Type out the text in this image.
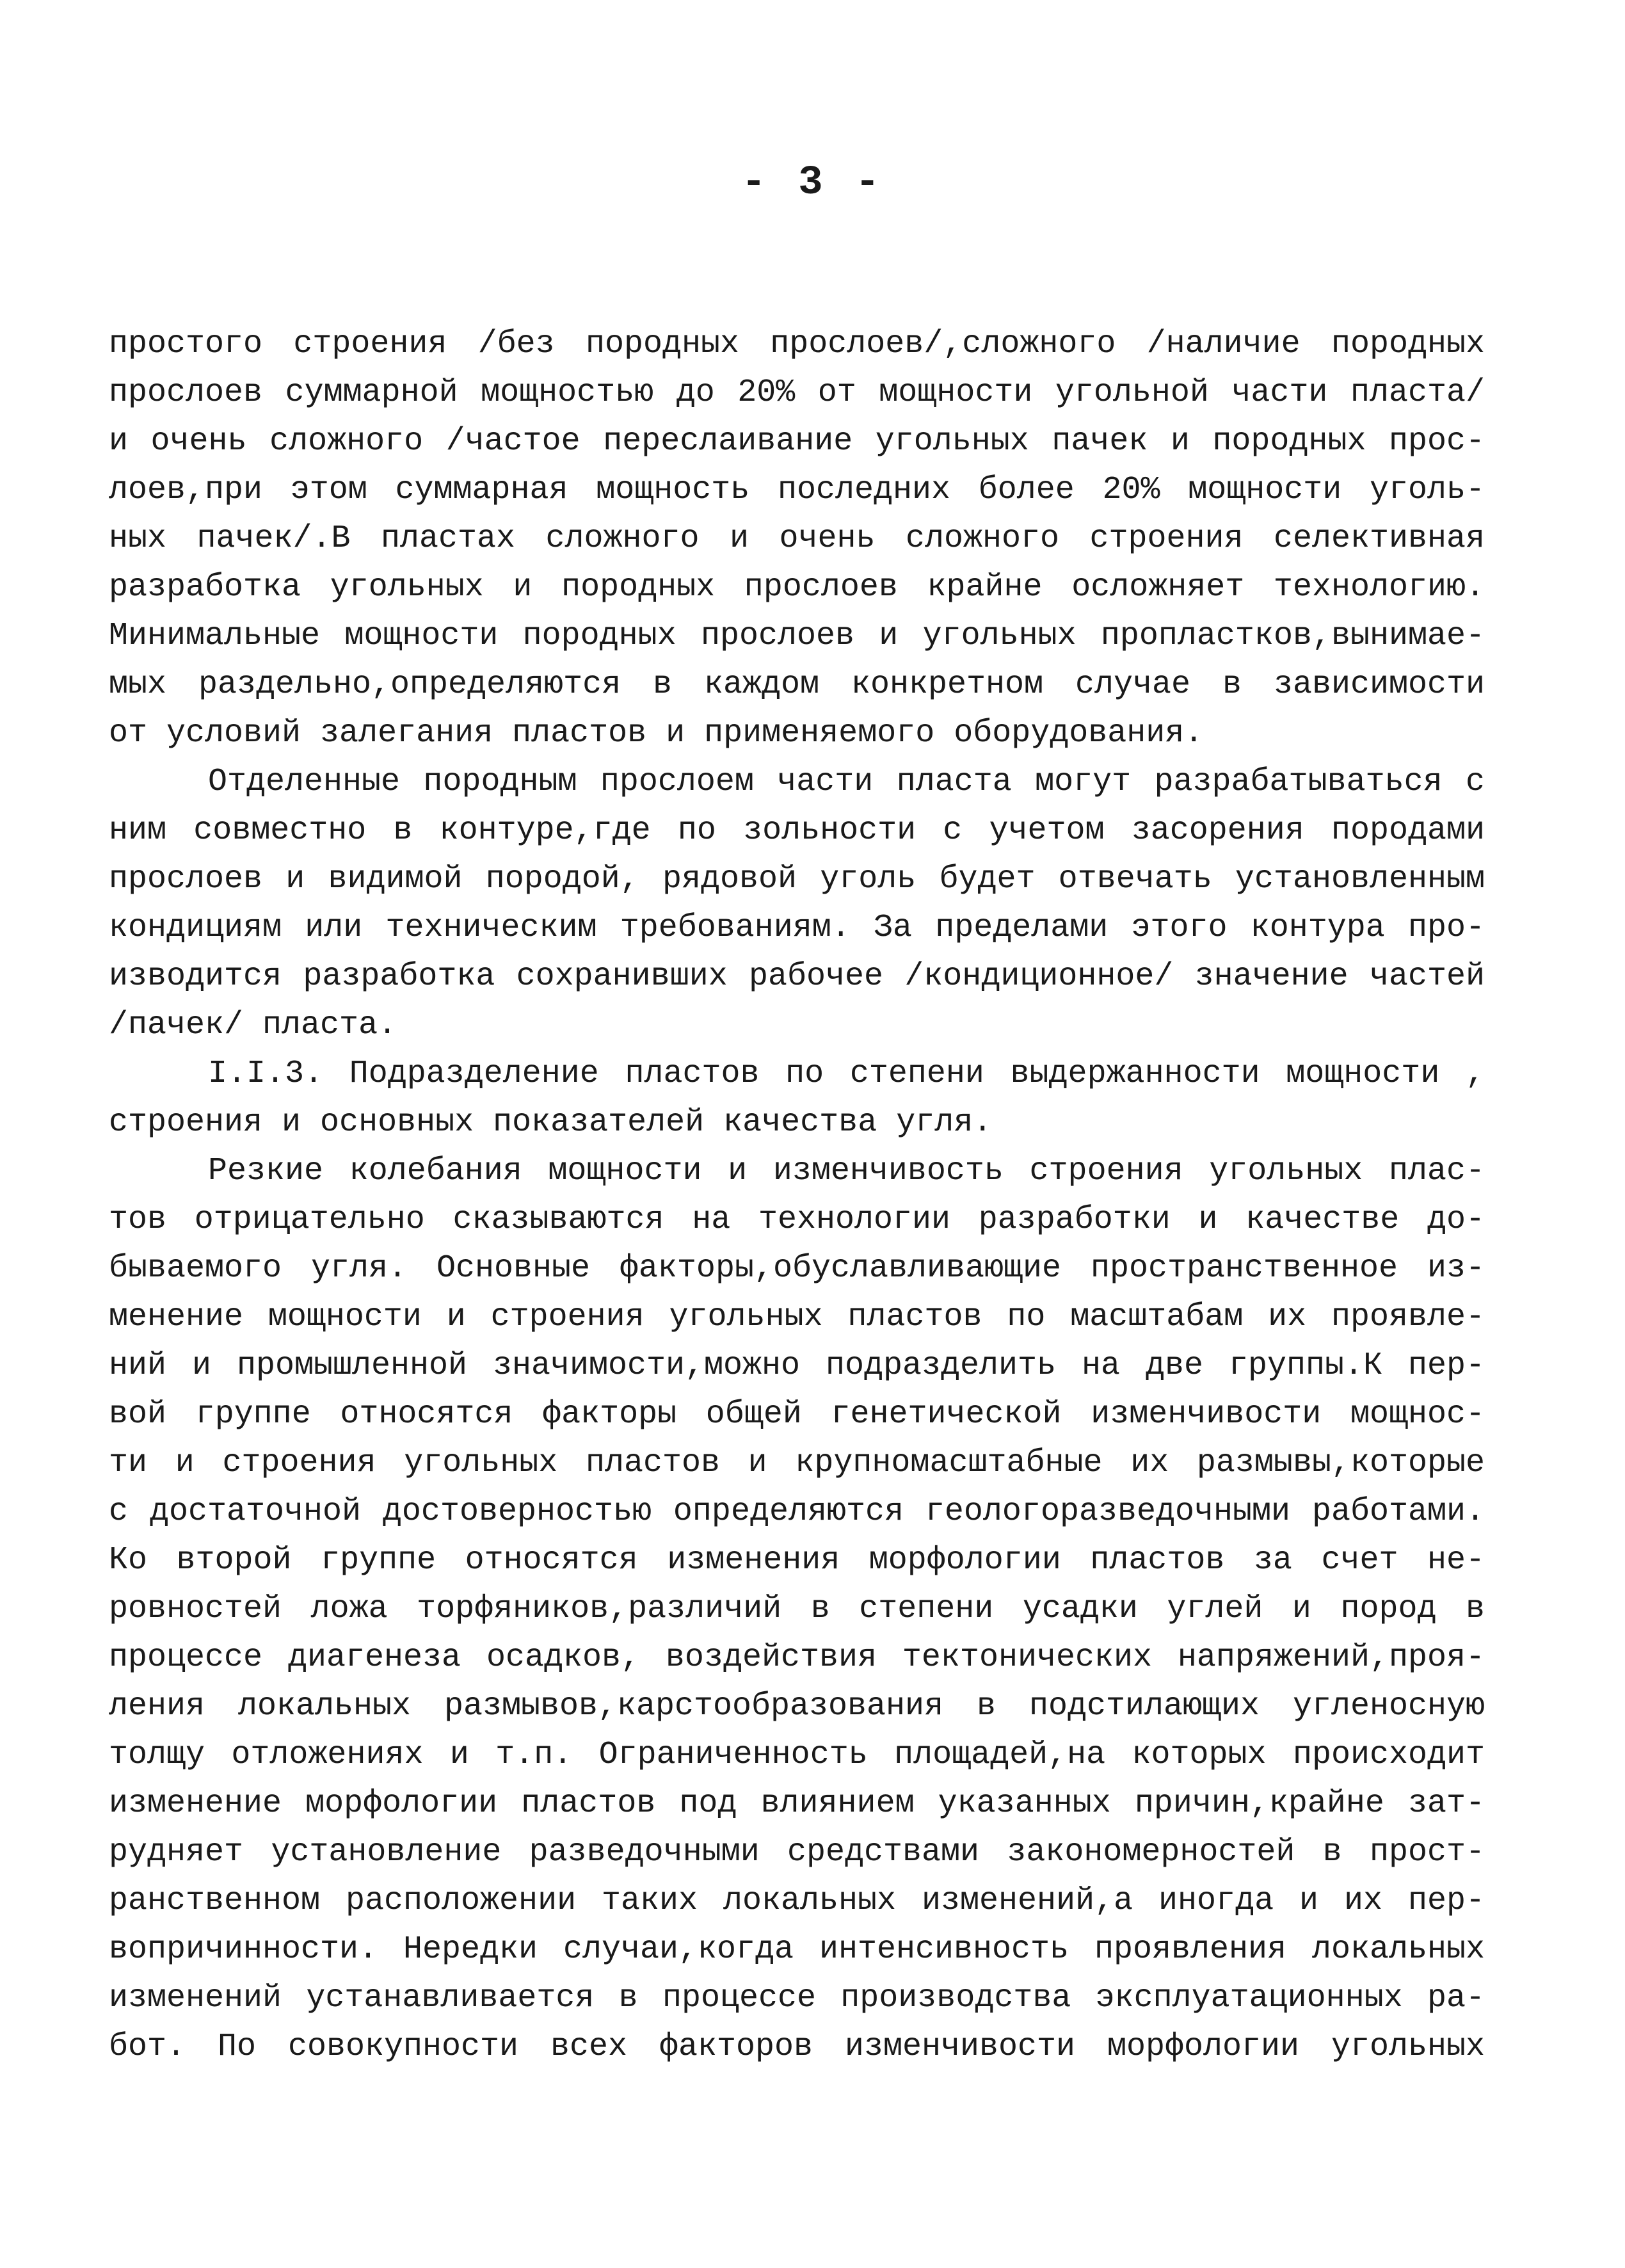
- 3 -
простого строения /без породных прослоев/,сложного /наличие породных
прослоев суммарной мощностью до 20% от мощности угольной части пласта/
и очень сложного /частое переслаивание угольных пачек и породных прос-
лоев,при этом суммарная мощность последних более 20% мощности уголь-
ных пачек/.В пластах сложного и очень сложного строения селективная
разработка угольных и породных прослоев крайне осложняет технологию.
Минимальные мощности породных прослоев и угольных пропластков,вынимае-
мых раздельно,определяются в каждом конкретном случае в зависимости
от условий залегания пластов и применяемого оборудования.
Отделенные породным прослоем части пласта могут разрабатываться с
ним совместно в контуре,где по зольности с учетом засорения породами
прослоев и видимой породой, рядовой уголь будет отвечать установленным
кондициям или техническим требованиям. За пределами этого контура про-
изводится разработка сохранивших рабочее /кондиционное/ значение частей
/пачек/ пласта.
I.I.3. Подразделение пластов по степени выдержанности мощности ,
строения и основных показателей качества угля.
Резкие колебания мощности и изменчивость строения угольных плас-
тов отрицательно сказываются на технологии разработки и качестве до-
бываемого угля. Основные факторы,обуславливающие пространственное из-
менение мощности и строения угольных пластов по масштабам их проявле-
ний и промышленной значимости,можно подразделить на две группы.К пер-
вой группе относятся факторы общей генетической изменчивости мощнос-
ти и строения угольных пластов и крупномасштабные их размывы,которые
с достаточной достоверностью определяются геологоразведочными работами.
Ко второй группе относятся изменения морфологии пластов за счет не-
ровностей ложа торфяников,различий в степени усадки углей и пород в
процессе диагенеза осадков, воздействия тектонических напряжений,проя-
ления локальных размывов,карстообразования в подстилающих угленосную
толщу отложениях и т.п. Ограниченность площадей,на которых происходит
изменение морфологии пластов под влиянием указанных причин,крайне зат-
рудняет установление разведочными средствами закономерностей в прост-
ранственном расположении таких локальных изменений,а иногда и их пер-
вопричинности. Нередки случаи,когда интенсивность проявления локальных
изменений устанавливается в процессе производства эксплуатационных ра-
бот. По совокупности всех факторов изменчивости морфологии угольных
